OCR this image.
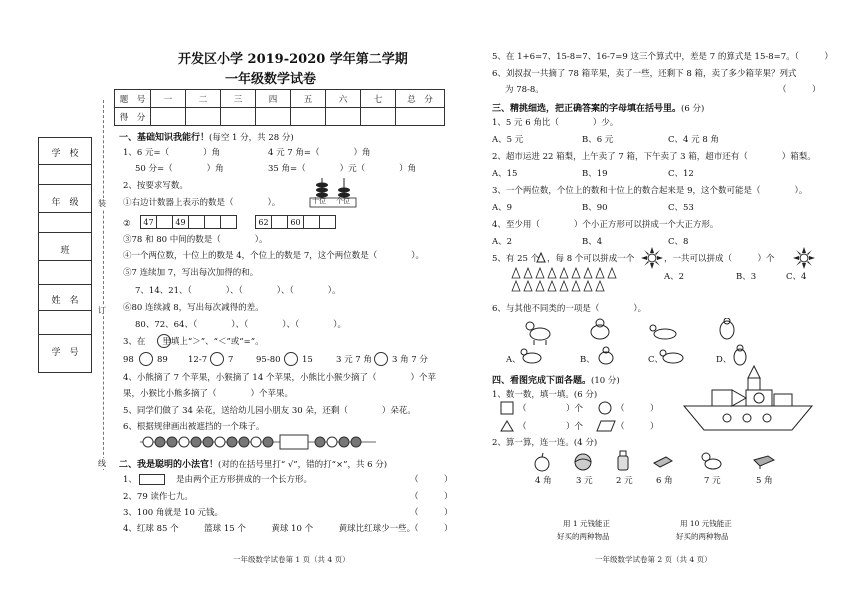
开发区小学 2019-2020 学年第二学期
一年级数学试卷
题　号	一	二	三	四	五	六	七	总　分
得　分								
学　校
年　级
班
姓　名
学　号
装
订
线
一、基础知识我能行！(每空 1 分，共 28 分)
1、6 元=（　　　　）角	4 元 7 角=（　　　　）角
50 分=（　　　　）角	35 角=（　　　　）元（　　　　）角
2、按要求写数。
十位 个位
①右边计数器上表示的数是（　　　　）。
② 47		49				62		60		
③78 和 80 中间的数是（　　　　）。
④一个两位数，十位上的数是 4，个位上的数是 7，这个两位数是（　　　　）。
⑤7 连续加 7，写出每次加得的和。
7、14、21、（　　　　）、（　　　　）、（　　　　）。
⑥80 连续减 8，写出每次减得的差。
80、72、64、（　　　　）、（　　　　）、（　　　　）。
3、在　　里填上“＞”、“＜”或“=”。
98	89 12-7 7	95-80	15	3 元 7 角 3 角 7 分
4、小熊摘了 7 个苹果，小猴摘了 14 个苹果，小熊比小猴少摘了（　　　　）个苹
果，小猴比小熊多摘了（　　　　）个苹果。
5、同学们做了 34 朵花，送给幼儿园小朋友 30 朵，还剩（　　　　）朵花。
6、根据规律画出被遮挡的一个珠子。
二、我是聪明的小法官！(对的在括号里打“ √”，错的打“×”，共 6 分)
1、	是由两个正方形拼成的一个长方形。	（　　　）
2、79 读作七九。	（　　　）
3、100 角就是 10 元钱。	（　　　）
4、红球 85 个　　　篮球 15 个　　　黄球 10 个　　　黄球比红球少一些。
（　　　）
一年级数学试卷第 1 页（共 4 页）
5、在 1+6=7、15-8=7、16-7=9 这三个算式中，差是 7 的算式是 15-8=7。（　　　）
6、刘叔叔一共摘了 78 箱苹果，卖了一些，还剩下 8 箱，卖了多少箱苹果？列式
为 78-8。	（　　　）
三、精挑细选，把正确答案的字母填在括号里。(6 分)
1、5 元 6 角比（　　　　）少。
A、5 元	B、6 元	C、4 元 8 角
2、超市运进 22 箱梨，上午卖了 7 箱，下午卖了 3 箱，超市还有（　　　　）箱梨。
A、15	B、19	C、12
3、一个两位数，个位上的数和十位上的数合起来是 9，这个数可能是（　　　　）。
A、9	B、90	C、53
4、至少用（　　　　）个小正方形可以拼成一个大正方形。
A、2	B、4	C、8
5、有 25 个 ，每 8 个可以拼成一个	，一共可以拼成（　　　）个
A、2	B、3	C、4
6、与其他不同类的一项是（　　　　）。
A、	B、	C、	D、
四、看图完成下面各题。(10 分)
1、数一数，填一填。(6 分)
（	）个	（	）
（	）个	（	）
2、算一算，连一连。(4 分)
4 角	3 元	2 元	6 角	7 元	5 角
用 1 元钱能正
好买的两种物品
用 10 元钱能正
好买的两种物品
一年级数学试卷第 2 页（共 4 页）
